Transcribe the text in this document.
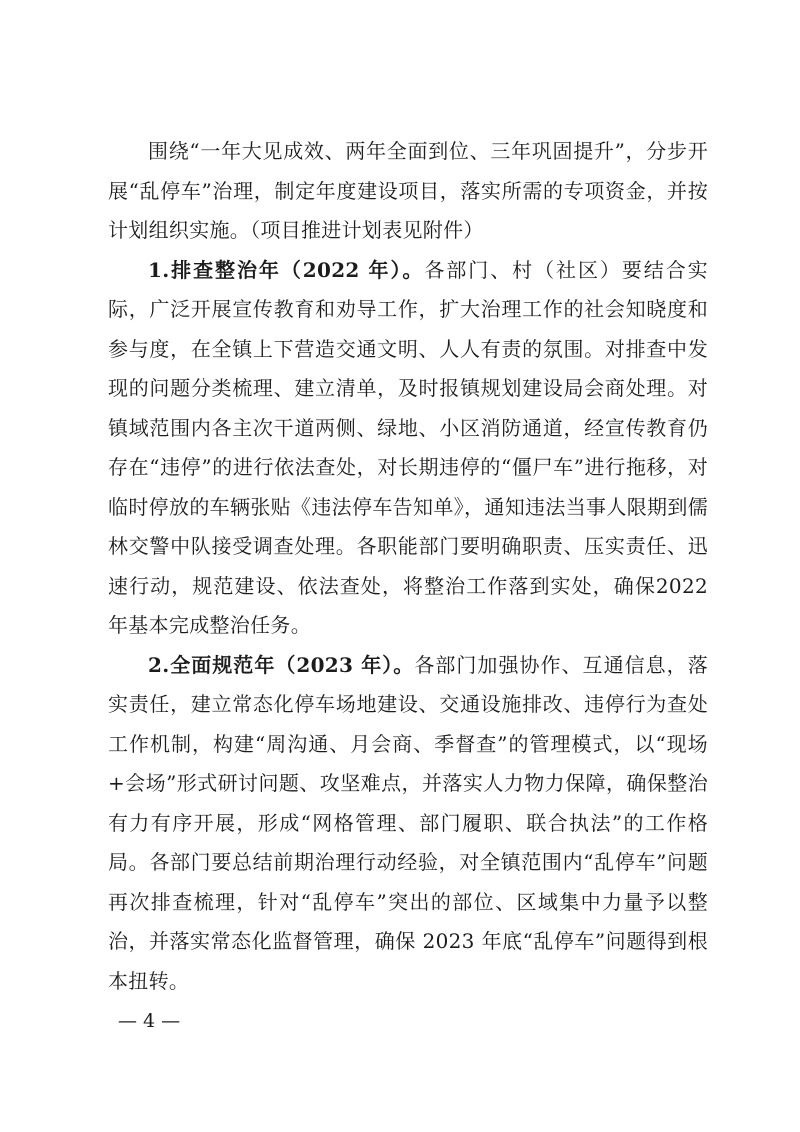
围绕“一年大见成效、两年全面到位、三年巩固提升”，分步开展“乱停车”治理，制定年度建设项目，落实所需的专项资金，并按计划组织实施。（项目推进计划表见附件）

1.排查整治年（2022 年）。各部门、村（社区）要结合实际，广泛开展宣传教育和劝导工作，扩大治理工作的社会知晓度和参与度，在全镇上下营造交通文明、人人有责的氛围。对排查中发现的问题分类梳理、建立清单，及时报镇规划建设局会商处理。对镇域范围内各主次干道两侧、绿地、小区消防通道，经宣传教育仍存在“违停”的进行依法查处，对长期违停的“僵尸车”进行拖移，对临时停放的车辆张贴《违法停车告知单》，通知违法当事人限期到儒林交警中队接受调查处理。各职能部门要明确职责、压实责任、迅速行动，规范建设、依法查处，将整治工作落到实处，确保2022年基本完成整治任务。

2.全面规范年（2023 年）。各部门加强协作、互通信息，落实责任，建立常态化停车场地建设、交通设施排改、违停行为查处工作机制，构建“周沟通、月会商、季督查”的管理模式，以“现场+会场”形式研讨问题、攻坚难点，并落实人力物力保障，确保整治有力有序开展，形成“网格管理、部门履职、联合执法”的工作格局。各部门要总结前期治理行动经验，对全镇范围内“乱停车”问题再次排查梳理，针对“乱停车”突出的部位、区域集中力量予以整治，并落实常态化监督管理，确保 2023 年底“乱停车”问题得到根本扭转。

— 4 —
